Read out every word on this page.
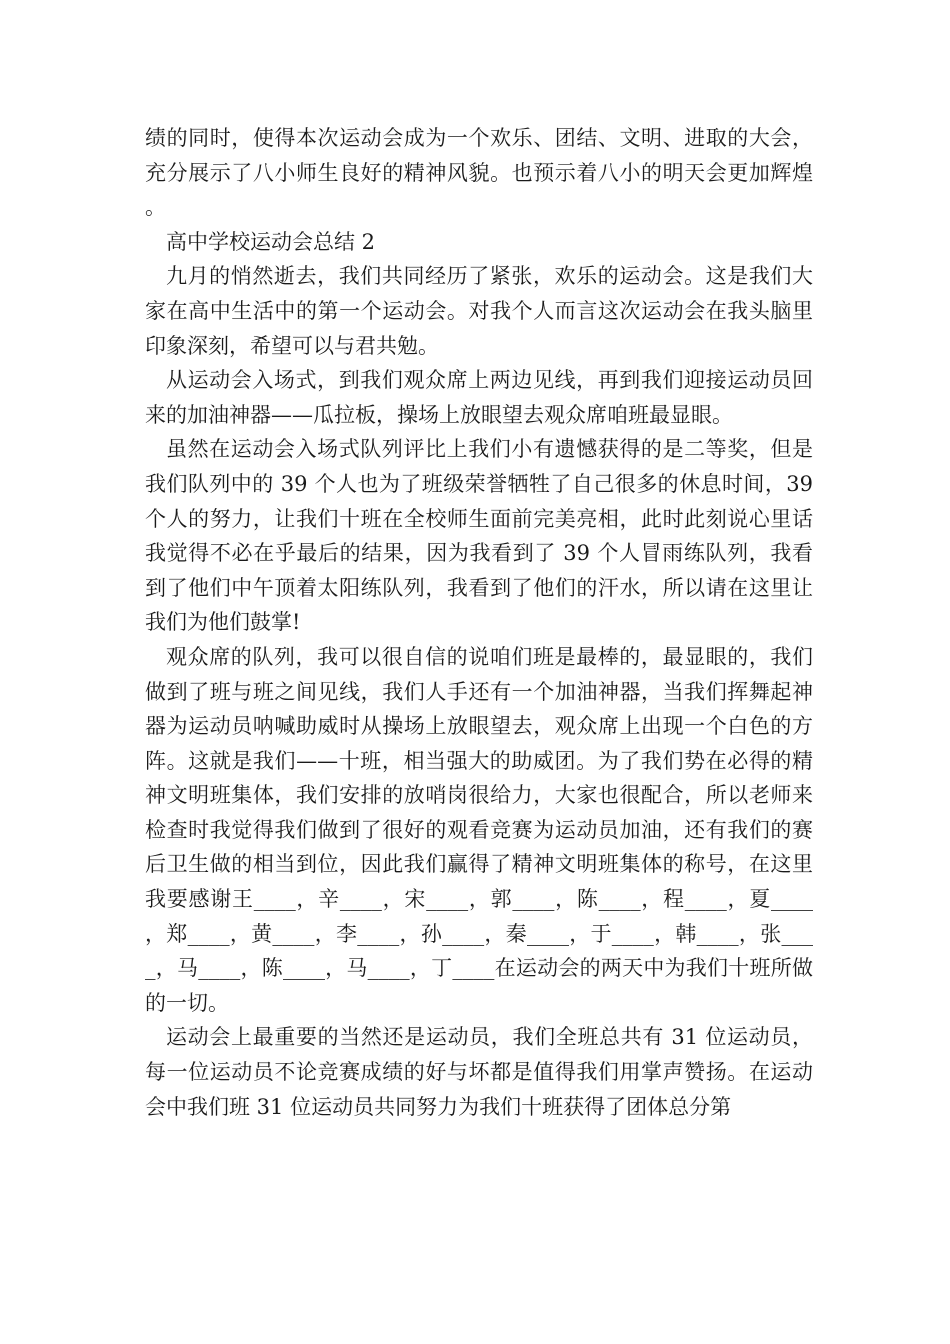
绩的同时，使得本次运动会成为一个欢乐、团结、文明、进取的大会，充分展示了八小师生良好的精神风貌。也预示着八小的明天会更加辉煌。

高中学校运动会总结 2

九月的悄然逝去，我们共同经历了紧张，欢乐的运动会。这是我们大家在高中生活中的第一个运动会。对我个人而言这次运动会在我头脑里印象深刻，希望可以与君共勉。

从运动会入场式，到我们观众席上两边见线，再到我们迎接运动员回来的加油神器——瓜拉板，操场上放眼望去观众席咱班最显眼。

虽然在运动会入场式队列评比上我们小有遗憾获得的是二等奖，但是我们队列中的 39 个人也为了班级荣誉牺牲了自己很多的休息时间，39 个人的努力，让我们十班在全校师生面前完美亮相，此时此刻说心里话我觉得不必在乎最后的结果，因为我看到了 39 个人冒雨练队列，我看到了他们中午顶着太阳练队列，我看到了他们的汗水，所以请在这里让我们为他们鼓掌!

观众席的队列，我可以很自信的说咱们班是最棒的，最显眼的，我们做到了班与班之间见线，我们人手还有一个加油神器，当我们挥舞起神器为运动员呐喊助威时从操场上放眼望去，观众席上出现一个白色的方阵。这就是我们——十班，相当强大的助威团。为了我们势在必得的精神文明班集体，我们安排的放哨岗很给力，大家也很配合，所以老师来检查时我觉得我们做到了很好的观看竞赛为运动员加油，还有我们的赛后卫生做的相当到位，因此我们赢得了精神文明班集体的称号，在这里我要感谢王____，辛____，宋____，郭____，陈____，程____，夏____，郑____，黄____，李____，孙____，秦____，于____，韩____，张____，马____，陈____，马____，丁____在运动会的两天中为我们十班所做的一切。

运动会上最重要的当然还是运动员，我们全班总共有 31 位运动员，每一位运动员不论竞赛成绩的好与坏都是值得我们用掌声赞扬。在运动会中我们班 31 位运动员共同努力为我们十班获得了团体总分第
